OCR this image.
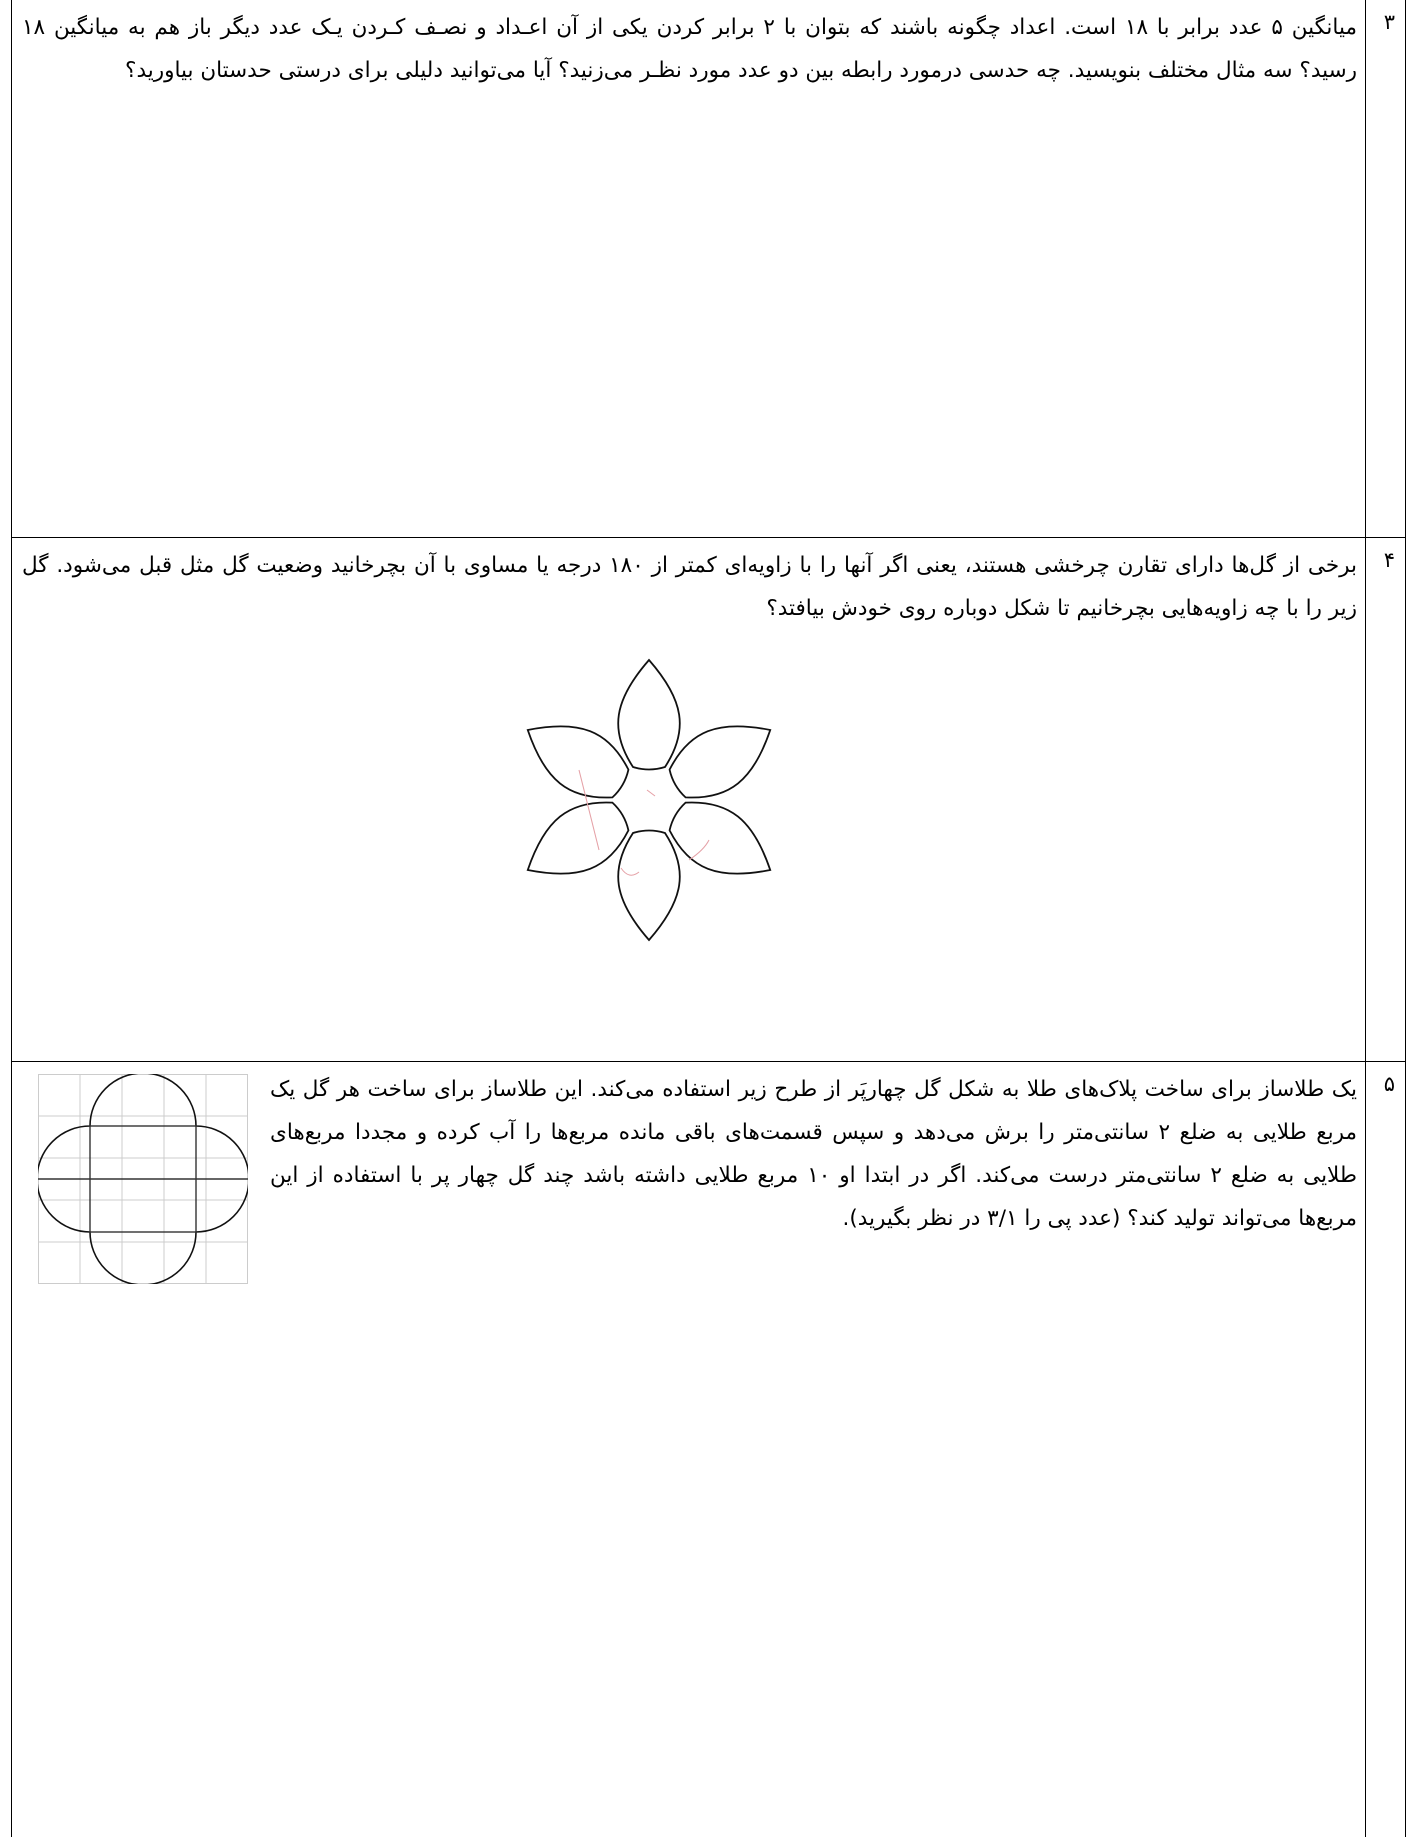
۳
میانگین ۵ عدد برابر با ۱۸ است. اعداد چگونه باشند که بتوان با ۲ برابر کردن یکی از آن اعـداد و نصـف کـردن یـک عدد دیگر باز هم به میانگین ۱۸ رسید؟ سه مثال مختلف بنویسید. چه حدسی درمورد رابطه بین دو عدد مورد نظـر می‌زنید؟ آیا می‌توانید دلیلی برای درستی حدستان بیاورید؟
۴
برخی از گل‌ها دارای تقارن چرخشی هستند، یعنی اگر آنها را با زاویه‌ای کمتر از ۱۸۰ درجه یا مساوی با آن بچرخانید وضعیت گل مثل قبل می‌شود. گل زیر را با چه زاویه‌هایی بچرخانیم تا شکل دوباره روی خودش بیافتد؟
۵
یک طلاساز برای ساخت پلاک‌های طلا به شکل گل چهارپَر از طرح زیر استفاده می‌کند. این طلاساز برای ساخت هر گل یک مربع طلایی به ضلع ۲ سانتی‌متر را برش می‌دهد و سپس قسمت‌های باقی مانده مربع‌ها را آب کرده و مجددا مربع‌های طلایی به ضلع ۲ سانتی‌متر درست می‌کند. اگر در ابتدا او ۱۰ مربع طلایی داشته باشد چند گل چهار پر با استفاده از این مربع‌ها می‌تواند تولید کند؟ (عدد پی را ۳/۱ در نظر بگیرید).
